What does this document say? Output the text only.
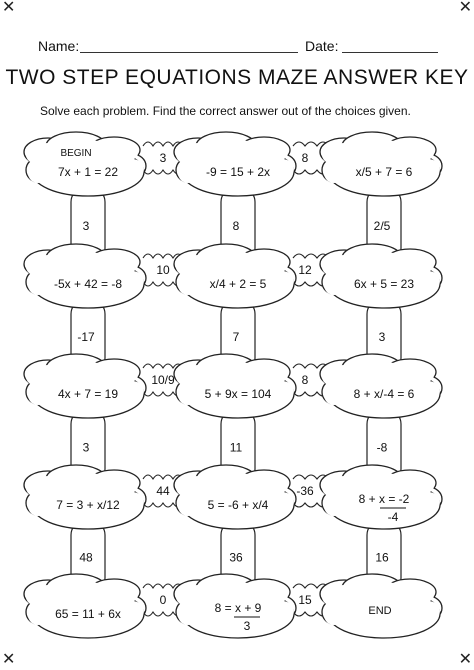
✕	✕
✕	✕
Name:	Date:
TWO STEP EQUATIONS MAZE ANSWER KEY
Solve each problem. Find the correct answer out of the choices given.
7x + 1 = 22	-9 = 15 + 2x	x/5 + 7 = 6
-5x + 42 = -8	x/4 + 2 = 5	6x + 5 = 23
4x + 7 = 19	5 + 9x = 104	8 + x/-4 = 6
7 = 3 + x/12	5 = -6 + x/4	8 + x = -2
-4
65 = 11 + 6x	8 = x + 9
3
BEGIN
END
3	8
3	8	2/5
10	12
-17	7	3
10/9	8
3	11	-8
44	-36
48	36	16
0	15
